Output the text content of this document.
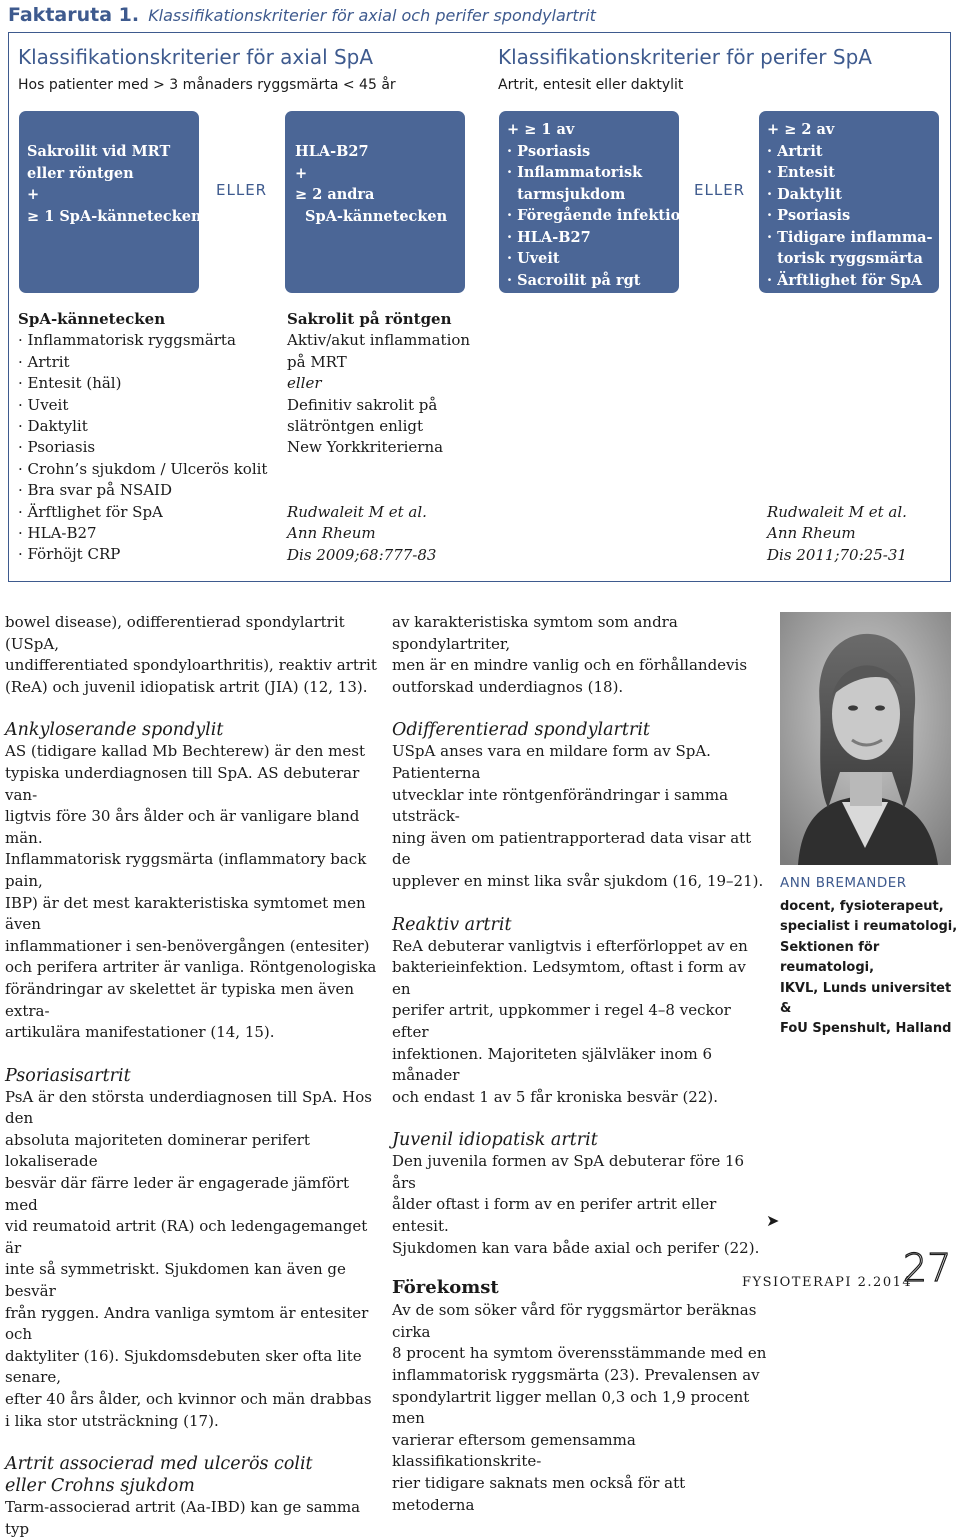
Faktaruta 1. Klassifikationskriterier för axial och perifer spondylartrit
Klassifikationskriterier för axial SpA
Hos patienter med > 3 månaders ryggsmärta < 45 år
Klassifikationskriterier för perifer SpA
Artrit, entesit eller daktylit
Sakroilit vid MRT
eller röntgen
+
≥ 1 SpA-kännetecken
ELLER
HLA-B27
+
≥ 2 andra
SpA-kännetecken
+ ≥ 1 av
· Psoriasis
· Inflammatorisk
tarmsjukdom
· Föregående infektion
· HLA-B27
· Uveit
· Sacroilit på rgt
ELLER
+ ≥ 2 av
· Artrit
· Entesit
· Daktylit
· Psoriasis
· Tidigare inflamma-
torisk ryggsmärta
· Ärftlighet för SpA
SpA-kännetecken
· Inflammatorisk ryggsmärta
· Artrit
· Entesit (häl)
· Uveit
· Daktylit
· Psoriasis
· Crohn’s sjukdom / Ulcerös kolit
· Bra svar på NSAID
· Ärftlighet för SpA
· HLA-B27
· Förhöjt CRP
Sakrolit på röntgen
Aktiv/akut inflammation
på MRT
eller
Definitiv sakrolit på
slätröntgen enligt
New Yorkkriterierna
Rudwaleit M et al.
Ann Rheum
Dis 2009;68:777-83
Rudwaleit M et al.
Ann Rheum
Dis 2011;70:25-31

bowel disease), odifferentierad spondylartrit (USpA,

undifferentiated spondyloarthritis), reaktiv artrit

(ReA) och juvenil idiopatisk artrit (JIA) (12, 13).

Ankyloserande spondylit

AS (tidigare kallad Mb Bechterew) är den mest

typiska underdiagnosen till SpA. AS debuterar van-

ligtvis före 30 års ålder och är vanligare bland män.

Inflammatorisk ryggsmärta (inflammatory back pain,

IBP) är det mest karakteristiska symtomet men även

inflammationer i sen-benövergången (entesiter)

och perifera artriter är vanliga. Röntgenologiska

förändringar av skelettet är typiska men även extra-

artikulära manifestationer (14, 15).

Psoriasisartrit

PsA är den största underdiagnosen till SpA. Hos den

absoluta majoriteten dominerar perifert lokaliserade

besvär där färre leder är engagerade jämfört med

vid reumatoid artrit (RA) och ledengagemanget är

inte så symmetriskt. Sjukdomen kan även ge besvär

från ryggen. Andra vanliga symtom är entesiter och

daktyliter (16). Sjukdomsdebuten sker ofta lite senare,

efter 40 års ålder, och kvinnor och män drabbas

i lika stor utsträckning (17).

Artrit associerad med ulcerös colit

eller Crohns sjukdom

Tarm-associerad artrit (Aa-IBD) kan ge samma typ

av karakteristiska symtom som andra spondylartriter,

men är en mindre vanlig och en förhållandevis

outforskad underdiagnos (18).

Odifferentierad spondylartrit

USpA anses vara en mildare form av SpA. Patienterna

utvecklar inte röntgenförändringar i samma utsträck-

ning även om patientrapporterad data visar att de

upplever en minst lika svår sjukdom (16, 19–21).

Reaktiv artrit

ReA debuterar vanligtvis i efterförloppet av en

bakterieinfektion. Ledsymtom, oftast i form av en

perifer artrit, uppkommer i regel 4–8 veckor efter

infektionen. Majoriteten självläker inom 6 månader

och endast 1 av 5 får kroniska besvär (22).

Juvenil idiopatisk artrit

Den juvenila formen av SpA debuterar före 16 års

ålder oftast i form av en perifer artrit eller entesit.

Sjukdomen kan vara både axial och perifer (22).

Förekomst

Av de som söker vård för ryggsmärtor beräknas cirka

8 procent ha symtom överensstämmande med en

inflammatorisk ryggsmärta (23). Prevalensen av

spondylartrit ligger mellan 0,3 och 1,9 procent men

varierar eftersom gemensamma klassifikationskrite-

rier tidigare saknats men också för att metoderna

➤
ANN BREMANDER
docent, fysioterapeut,
specialist i reumatologi,
Sektionen för reumatologi,
IKVL, Lunds universitet &
FoU Spenshult, Halland
FYSIOTERAPI 2.2014
27
